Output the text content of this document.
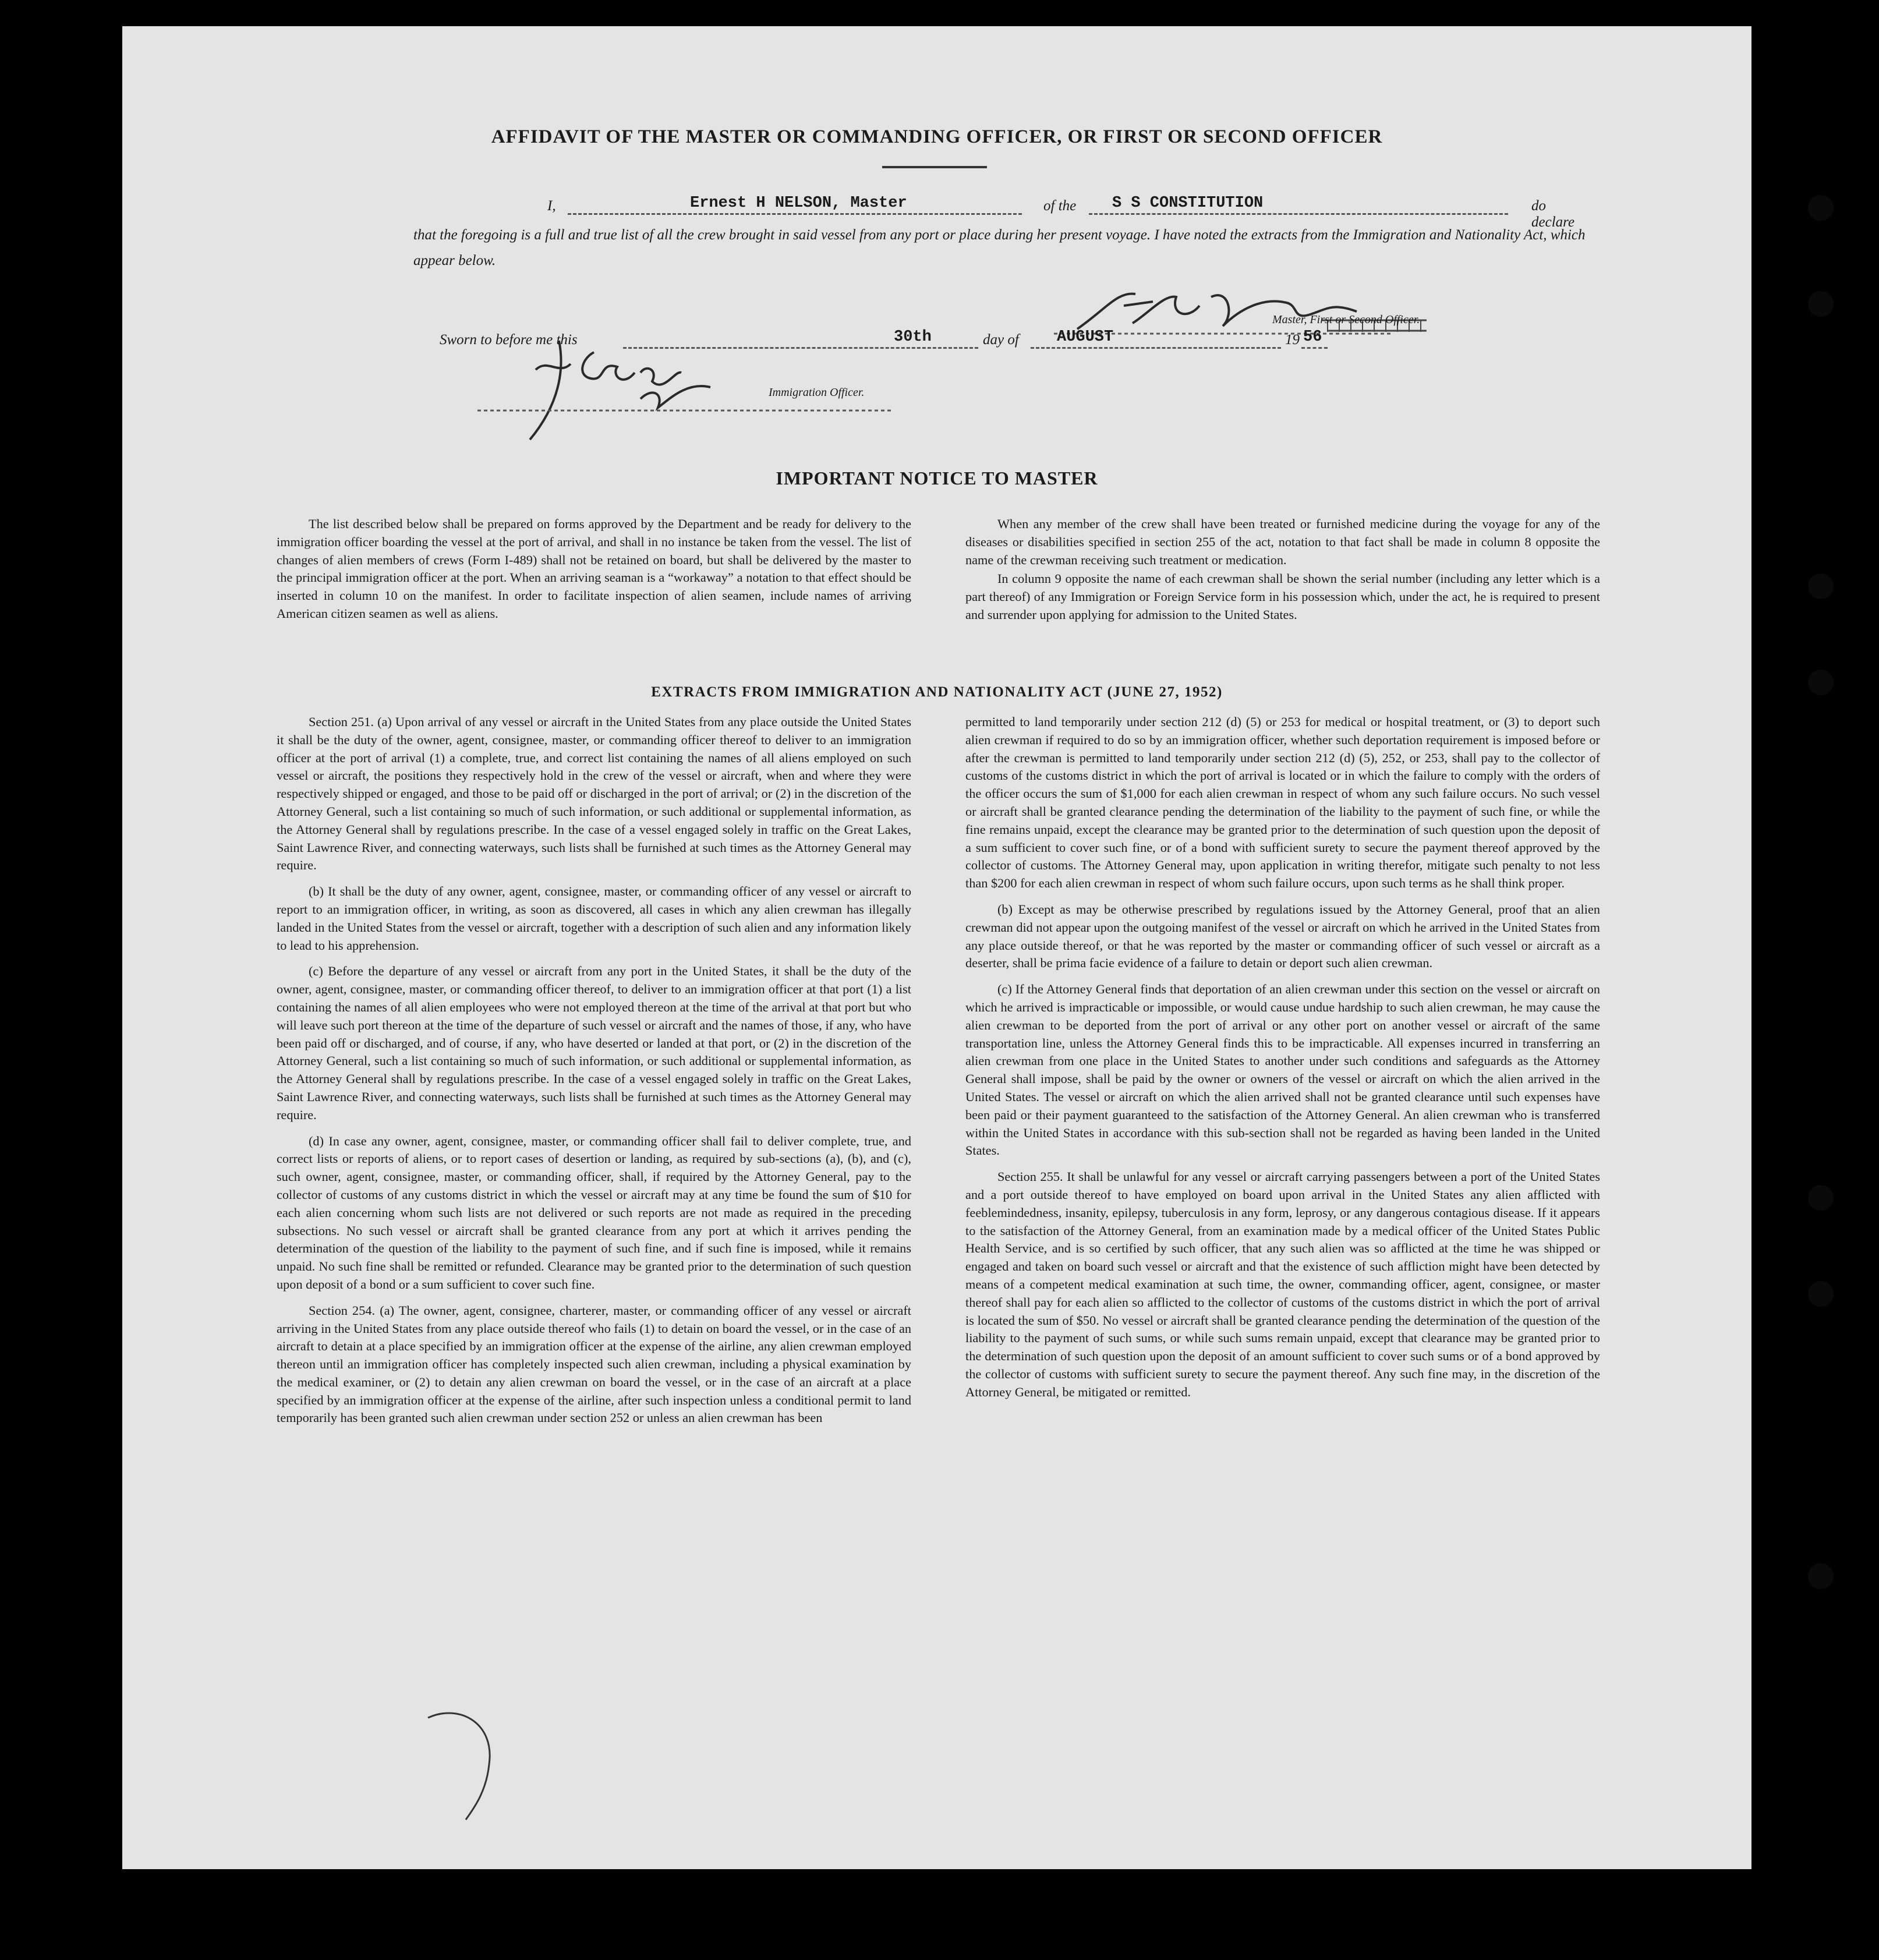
AFFIDAVIT OF THE MASTER OR COMMANDING OFFICER, OR FIRST OR SECOND OFFICER
I,	Ernest H NELSON, Master	of the S S CONSTITUTION	do declare
that the foregoing is a full and true list of all the crew brought in said vessel from any port or place during her present voyage. I have noted the extracts from the Immigration and Nationality Act, which appear below.
Master, First or Second Officer.
Sworn to before me this	30th	day of AUGUST	19 56
Immigration Officer.
IMPORTANT NOTICE TO MASTER

The list described below shall be prepared on forms approved by the Department and be ready for delivery to the immigration officer boarding the vessel at the port of arrival, and shall in no instance be taken from the vessel. The list of changes of alien members of crews (Form I-489) shall not be retained on board, but shall be delivered by the master to the principal immigration officer at the port. When an arriving seaman is a “workaway” a notation to that effect should be inserted in column 10 on the manifest. In order to facilitate inspection of alien seamen, include names of arriving American citizen seamen as well as aliens.

When any member of the crew shall have been treated or furnished medicine during the voyage for any of the diseases or disabilities specified in section 255 of the act, notation to that fact shall be made in column 8 opposite the name of the crewman receiving such treatment or medication.

In column 9 opposite the name of each crewman shall be shown the serial number (including any letter which is a part thereof) of any Immigration or Foreign Service form in his possession which, under the act, he is required to present and surrender upon applying for admission to the United States.

EXTRACTS FROM IMMIGRATION AND NATIONALITY ACT (JUNE 27, 1952)

Section 251. (a) Upon arrival of any vessel or aircraft in the United States from any place outside the United States it shall be the duty of the owner, agent, consignee, master, or commanding officer thereof to deliver to an immigration officer at the port of arrival (1) a complete, true, and correct list containing the names of all aliens employed on such vessel or aircraft, the positions they respectively hold in the crew of the vessel or aircraft, when and where they were respectively shipped or engaged, and those to be paid off or discharged in the port of arrival; or (2) in the discretion of the Attorney General, such a list containing so much of such information, or such additional or supplemental information, as the Attorney General shall by regulations prescribe. In the case of a vessel engaged solely in traffic on the Great Lakes, Saint Lawrence River, and connecting waterways, such lists shall be furnished at such times as the Attorney General may require.

(b) It shall be the duty of any owner, agent, consignee, master, or commanding officer of any vessel or aircraft to report to an immigration officer, in writing, as soon as discovered, all cases in which any alien crewman has illegally landed in the United States from the vessel or aircraft, together with a description of such alien and any information likely to lead to his apprehension.

(c) Before the departure of any vessel or aircraft from any port in the United States, it shall be the duty of the owner, agent, consignee, master, or commanding officer thereof, to deliver to an immigration officer at that port (1) a list containing the names of all alien employees who were not employed thereon at the time of the arrival at that port but who will leave such port thereon at the time of the departure of such vessel or aircraft and the names of those, if any, who have been paid off or discharged, and of course, if any, who have deserted or landed at that port, or (2) in the discretion of the Attorney General, such a list containing so much of such information, or such additional or supplemental information, as the Attorney General shall by regulations prescribe. In the case of a vessel engaged solely in traffic on the Great Lakes, Saint Lawrence River, and connecting waterways, such lists shall be furnished at such times as the Attorney General may require.

(d) In case any owner, agent, consignee, master, or commanding officer shall fail to deliver complete, true, and correct lists or reports of aliens, or to report cases of desertion or landing, as required by sub-sections (a), (b), and (c), such owner, agent, consignee, master, or commanding officer, shall, if required by the Attorney General, pay to the collector of customs of any customs district in which the vessel or aircraft may at any time be found the sum of $10 for each alien concerning whom such lists are not delivered or such reports are not made as required in the preceding subsections. No such vessel or aircraft shall be granted clearance from any port at which it arrives pending the determination of the question of the liability to the payment of such fine, and if such fine is imposed, while it remains unpaid. No such fine shall be remitted or refunded. Clearance may be granted prior to the determination of such question upon deposit of a bond or a sum sufficient to cover such fine.

Section 254. (a) The owner, agent, consignee, charterer, master, or commanding officer of any vessel or aircraft arriving in the United States from any place outside thereof who fails (1) to detain on board the vessel, or in the case of an aircraft to detain at a place specified by an immigration officer at the expense of the airline, any alien crewman employed thereon until an immigration officer has completely inspected such alien crewman, including a physical examination by the medical examiner, or (2) to detain any alien crewman on board the vessel, or in the case of an aircraft at a place specified by an immigration officer at the expense of the airline, after such inspection unless a conditional permit to land temporarily has been granted such alien crewman under section 252 or unless an alien crewman has been

permitted to land temporarily under section 212 (d) (5) or 253 for medical or hospital treatment, or (3) to deport such alien crewman if required to do so by an immigration officer, whether such deportation requirement is imposed before or after the crewman is permitted to land temporarily under section 212 (d) (5), 252, or 253, shall pay to the collector of customs of the customs district in which the port of arrival is located or in which the failure to comply with the orders of the officer occurs the sum of $1,000 for each alien crewman in respect of whom any such failure occurs. No such vessel or aircraft shall be granted clearance pending the determination of the liability to the payment of such fine, or while the fine remains unpaid, except the clearance may be granted prior to the determination of such question upon the deposit of a sum sufficient to cover such fine, or of a bond with sufficient surety to secure the payment thereof approved by the collector of customs. The Attorney General may, upon application in writing therefor, mitigate such penalty to not less than $200 for each alien crewman in respect of whom such failure occurs, upon such terms as he shall think proper.

(b) Except as may be otherwise prescribed by regulations issued by the Attorney General, proof that an alien crewman did not appear upon the outgoing manifest of the vessel or aircraft on which he arrived in the United States from any place outside thereof, or that he was reported by the master or commanding officer of such vessel or aircraft as a deserter, shall be prima facie evidence of a failure to detain or deport such alien crewman.

(c) If the Attorney General finds that deportation of an alien crewman under this section on the vessel or aircraft on which he arrived is impracticable or impossible, or would cause undue hardship to such alien crewman, he may cause the alien crewman to be deported from the port of arrival or any other port on another vessel or aircraft of the same transportation line, unless the Attorney General finds this to be impracticable. All expenses incurred in transferring an alien crewman from one place in the United States to another under such conditions and safeguards as the Attorney General shall impose, shall be paid by the owner or owners of the vessel or aircraft on which the alien arrived in the United States. The vessel or aircraft on which the alien arrived shall not be granted clearance until such expenses have been paid or their payment guaranteed to the satisfaction of the Attorney General. An alien crewman who is transferred within the United States in accordance with this sub-section shall not be regarded as having been landed in the United States.

Section 255. It shall be unlawful for any vessel or aircraft carrying passengers between a port of the United States and a port outside thereof to have employed on board upon arrival in the United States any alien afflicted with feeblemindedness, insanity, epilepsy, tuberculosis in any form, leprosy, or any dangerous contagious disease. If it appears to the satisfaction of the Attorney General, from an examination made by a medical officer of the United States Public Health Service, and is so certified by such officer, that any such alien was so afflicted at the time he was shipped or engaged and taken on board such vessel or aircraft and that the existence of such affliction might have been detected by means of a competent medical examination at such time, the owner, commanding officer, agent, consignee, or master thereof shall pay for each alien so afflicted to the collector of customs of the customs district in which the port of arrival is located the sum of $50. No vessel or aircraft shall be granted clearance pending the determination of the question of the liability to the payment of such sums, or while such sums remain unpaid, except that clearance may be granted prior to the determination of such question upon the deposit of an amount sufficient to cover such sums or of a bond approved by the collector of customs with sufficient surety to secure the payment thereof. Any such fine may, in the discretion of the Attorney General, be mitigated or remitted.
